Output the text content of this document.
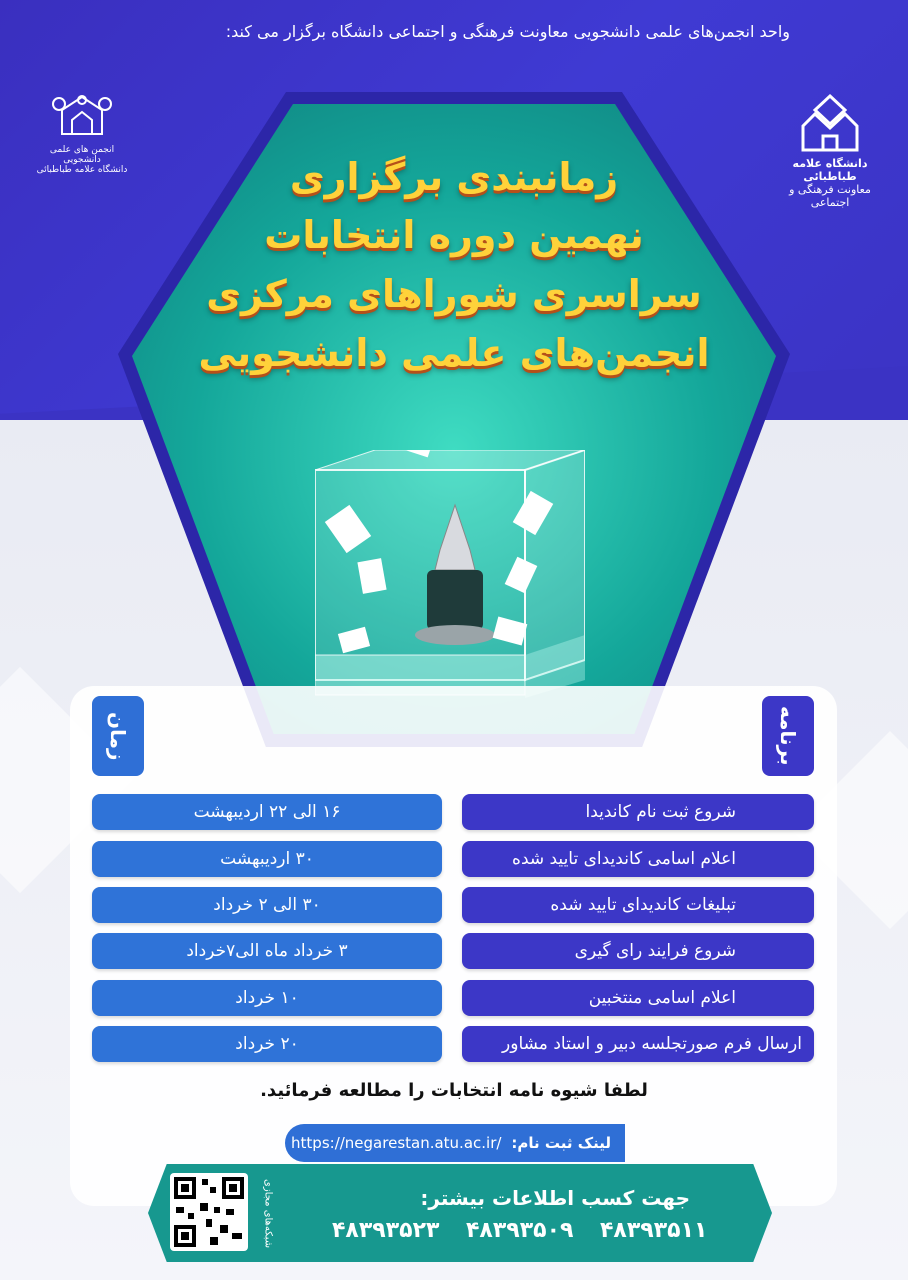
واحد انجمن‌های علمی دانشجویی معاونت فرهنگی و اجتماعی دانشگاه برگزار می کند:
انجمن های علمی دانشجویی
دانشگاه علامه طباطبائی	دانشگاه علامه طباطبائی
معاونت فرهنگی و اجتماعی
زمانبندی برگزاری
نهمین دوره انتخابات
سراسری شوراهای مرکزی
انجمن‌های علمی دانشجویی
برنامه
زمان
شروع ثبت نام کاندیدا
اعلام اسامی کاندیدای تایید شده
تبلیغات کاندیدای تایید شده
شروع فرایند رای گیری
اعلام اسامی منتخبین
ارسال فرم صورتجلسه دبیر و استاد مشاور
۱۶ الی ۲۲ اردیبهشت
۳۰ اردیبهشت
۳۰ الی ۲ خرداد
۳ خرداد ماه الی۷خرداد
۱۰ خرداد
۲۰ خرداد
لطفا شیوه نامه انتخابات را مطالعه فرمائید.
لینک ثبت نام:
https://negarestan.atu.ac.ir/
جهت کسب اطلاعات بیشتر:
۴۸۳۹۳۵۱۱
۴۸۳۹۳۵۰۹
۴۸۳۹۳۵۲۳
شبکه‌های مجازی
